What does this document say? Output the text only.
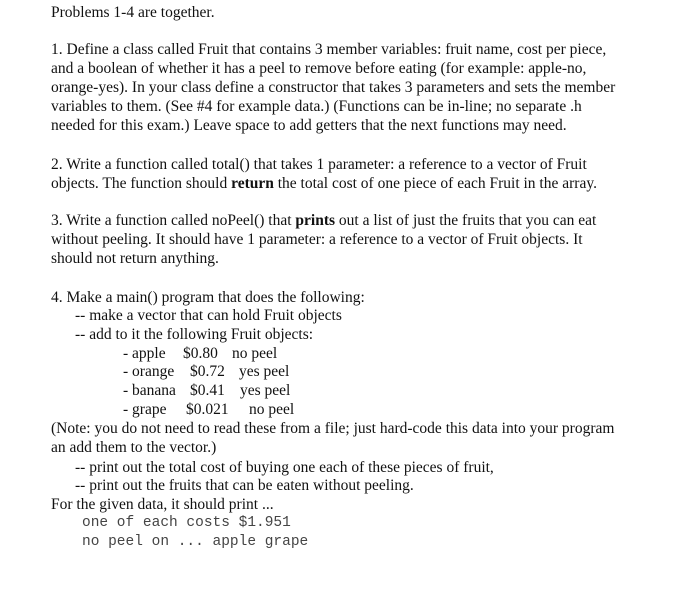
Problems 1-4 are together.
1. Define a class called Fruit that contains 3 member variables: fruit name, cost per piece,
and a boolean of whether it has a peel to remove before eating (for example: apple-no,
orange-yes). In your class define a constructor that takes 3 parameters and sets the member
variables to them. (See #4 for example data.) (Functions can be in-line; no separate .h
needed for this exam.) Leave space to add getters that the next functions may need.
2. Write a function called total() that takes 1 parameter: a reference to a vector of Fruit
objects. The function should return the total cost of one piece of each Fruit in the array.
3. Write a function called noPeel() that prints out a list of just the fruits that you can eat
without peeling. It should have 1 parameter: a reference to a vector of Fruit objects. It
should not return anything.
4. Make a main() program that does the following:
-- make a vector that can hold Fruit objects
-- add to it the following Fruit objects:
- apple $0.80 no peel
- orange $0.72 yes peel
- banana $0.41 yes peel
- grape $0.021 no peel
(Note: you do not need to read these from a file; just hard-code this data into your program
an add them to the vector.)
-- print out the total cost of buying one each of these pieces of fruit,
-- print out the fruits that can be eaten without peeling.
For the given data, it should print ...
one of each costs $1.951
no peel on ... apple grape
